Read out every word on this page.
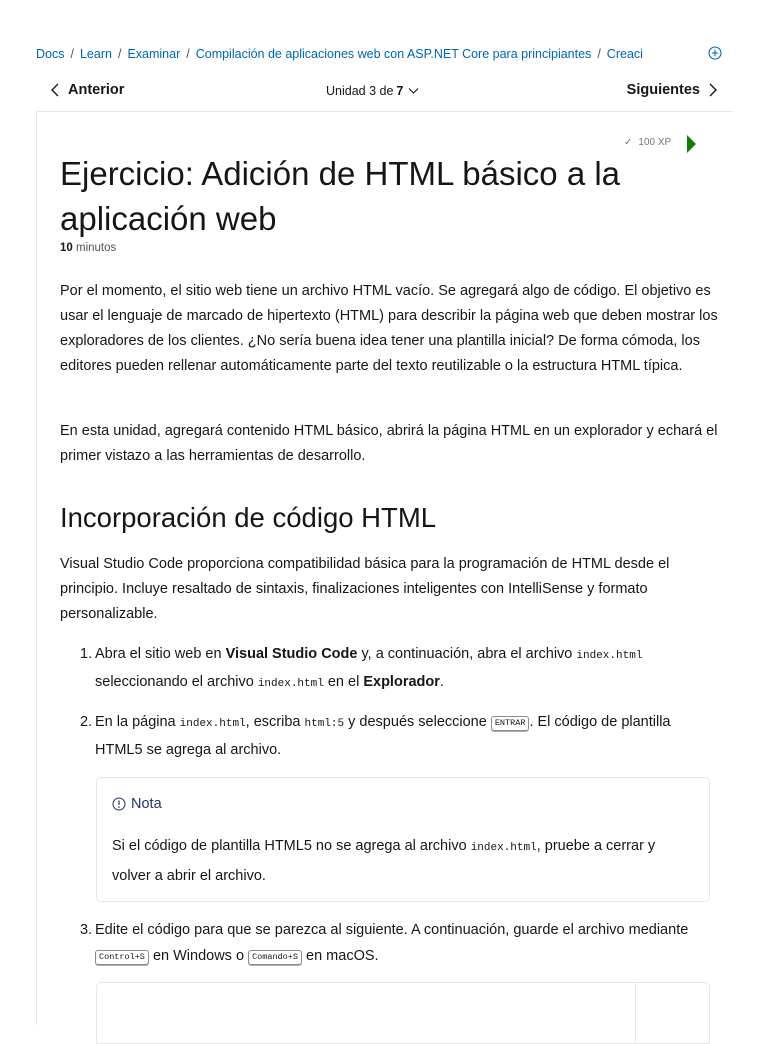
Docs / Learn / Examinar / Compilación de aplicaciones web con ASP.NET Core para principiantes / Creaci
Anterior	Unidad 3 de 7	Siguientes
✓ 100 XP
Ejercicio: Adición de HTML básico a la aplicación web
10 minutos

Por el momento, el sitio web tiene un archivo HTML vacío. Se agregará algo de código. El objetivo es usar el lenguaje de marcado de hipertexto (HTML) para describir la página web que deben mostrar los exploradores de los clientes. ¿No sería buena idea tener una plantilla inicial? De forma cómoda, los editores pueden rellenar automáticamente parte del texto reutilizable o la estructura HTML típica.

En esta unidad, agregará contenido HTML básico, abrirá la página HTML en un explorador y echará el primer vistazo a las herramientas de desarrollo.

Incorporación de código HTML

Visual Studio Code proporciona compatibilidad básica para la programación de HTML desde el principio. Incluye resaltado de sintaxis, finalizaciones inteligentes con IntelliSense y formato personalizable.

1. Abra el sitio web en Visual Studio Code y, a continuación, abra el archivo index.html
seleccionando el archivo index.html en el Explorador.
2. En la página index.html, escriba html:5 y después seleccione ENTRAR . El código de plantilla
HTML5 se agrega al archivo.
Nota
Si el código de plantilla HTML5 no se agrega al archivo index.html, pruebe a cerrar y
volver a abrir el archivo.
3. Edite el código para que se parezca al siguiente. A continuación, guarde el archivo mediante
Control+S en Windows o Comando+S en macOS.
